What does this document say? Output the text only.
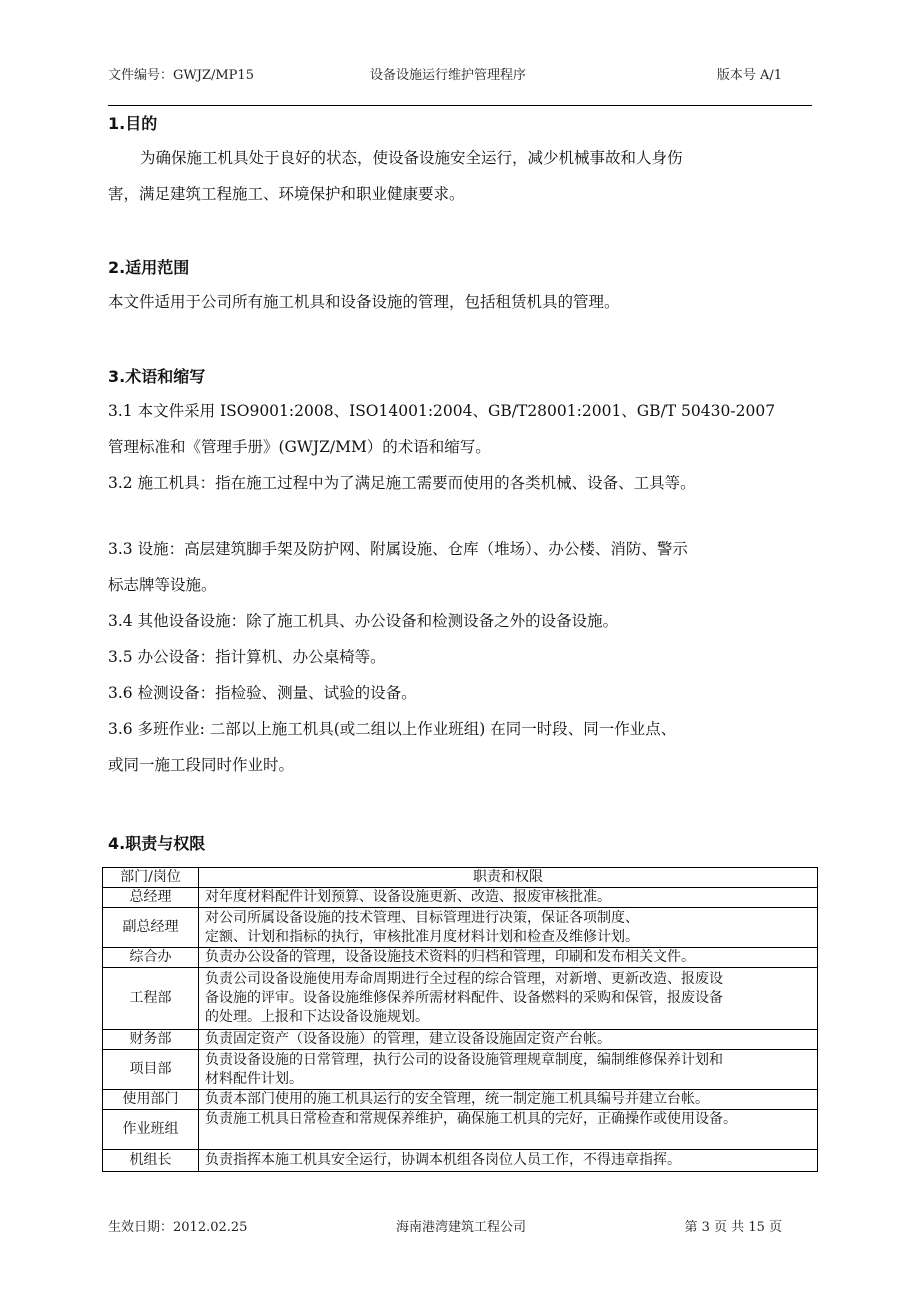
文件编号：GWJZ/MP15	设备设施运行维护管理程序	版本号 A/1
1.目的
为确保施工机具处于良好的状态，使设备设施安全运行，减少机械事故和人身伤
害，满足建筑工程施工、环境保护和职业健康要求。
2.适用范围
本文件适用于公司所有施工机具和设备设施的管理，包括租赁机具的管理。
3.术语和缩写
3.1 本文件采用 ISO9001:2008、ISO14001:2004、GB/T28001:2001、GB/T 50430-2007
管理标准和《管理手册》(GWJZ/MM）的术语和缩写。
3.2 施工机具：指在施工过程中为了满足施工需要而使用的各类机械、设备、工具等。
3.3 设施：高层建筑脚手架及防护网、附属设施、仓库（堆场）、办公楼、消防、警示
标志牌等设施。
3.4 其他设备设施：除了施工机具、办公设备和检测设备之外的设备设施。
3.5 办公设备：指计算机、办公桌椅等。
3.6 检测设备：指检验、测量、试验的设备。
3.6 多班作业: 二部以上施工机具(或二组以上作业班组) 在同一时段、同一作业点、
或同一施工段同时作业时。
4.职责与权限
部门/岗位	职责和权限
总经理	对年度材料配件计划预算、设备设施更新、改造、报废审核批准。

副总经理	对公司所属设备设施的技术管理、目标管理进行决策，保证各项制度、
定额、计划和指标的执行，审核批准月度材料计划和检查及维修计划。

综合办	负责办公设备的管理，设备设施技术资料的归档和管理，印刷和发布相关文件。

工程部	负责公司设备设施使用寿命周期进行全过程的综合管理，对新增、更新改造、报废设
备设施的评审。设备设施维修保养所需材料配件、设备燃料的采购和保管，报废设备
的处理。上报和下达设备设施规划。

财务部	负责固定资产（设备设施）的管理，建立设备设施固定资产台帐。

项目部	负责设备设施的日常管理，执行公司的设备设施管理规章制度，编制维修保养计划和
材料配件计划。

使用部门	负责本部门使用的施工机具运行的安全管理，统一制定施工机具编号并建立台帐。

作业班组	负责施工机具日常检查和常规保养维护，确保施工机具的完好，正确操作或使用设备。

机组长	负责指挥本施工机具安全运行，协调本机组各岗位人员工作，不得违章指挥。
生效日期：2012.02.25	海南港湾建筑工程公司	第 3 页 共 15 页
